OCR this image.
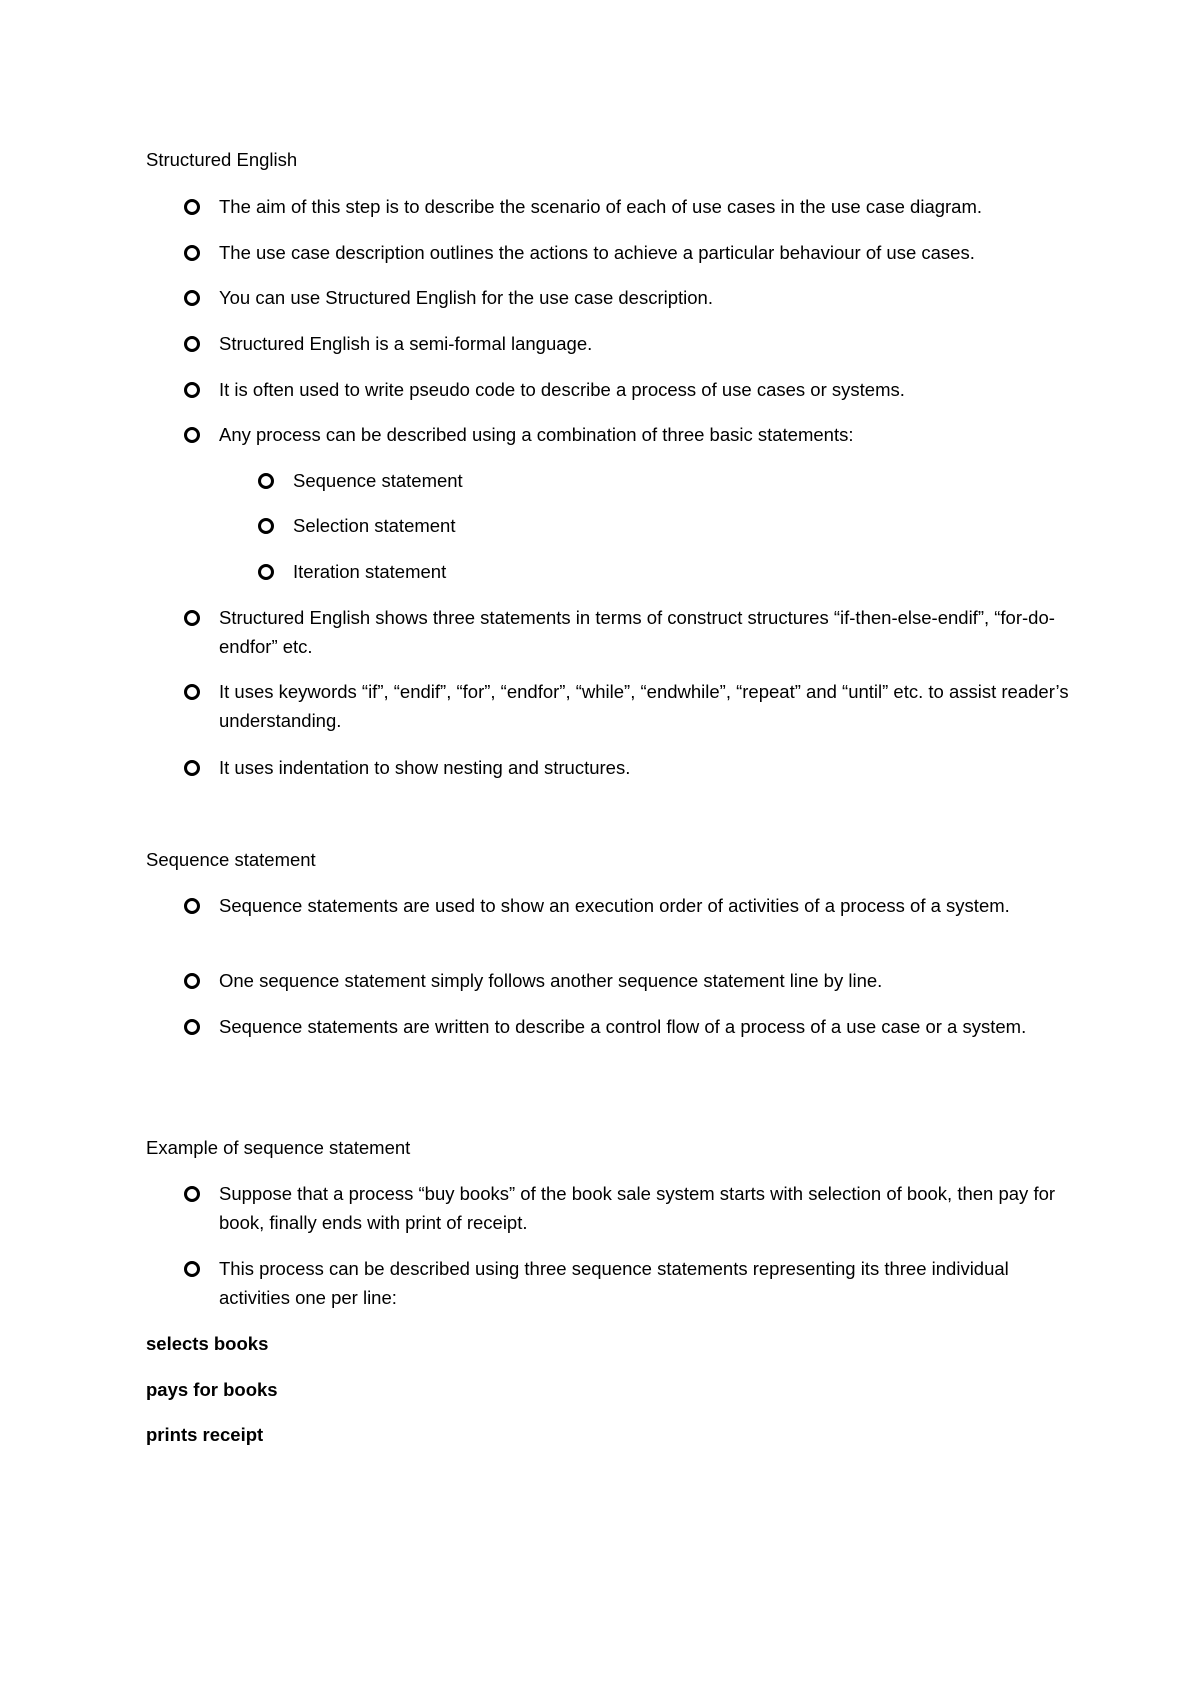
Structured English
The aim of this step is to describe the scenario of each of use cases in the use case diagram.
The use case description outlines the actions to achieve a particular behaviour of use cases.
You can use Structured English for the use case description.
Structured English is a semi-formal language.
It is often used to write pseudo code to describe a process of use cases or systems.
Any process can be described using a combination of three basic statements:
Sequence statement
Selection statement
Iteration statement
Structured English shows three statements in terms of construct structures “if-then-else-endif”, “for-do-endfor” etc.
It uses keywords “if”, “endif”, “for”, “endfor”, “while”, “endwhile”, “repeat” and “until” etc. to assist reader’s understanding.
It uses indentation to show nesting and structures.
Sequence statement
Sequence statements are used to show an execution order of activities of a process of a system.
One sequence statement simply follows another sequence statement line by line.
Sequence statements are written to describe a control flow of a process of a use case or a system.
Example of sequence statement
Suppose that a process “buy books” of the book sale system starts with selection of book, then pay for book, finally ends with print of receipt.
This process can be described using three sequence statements representing its three individual activities one per line:
selects books
pays for books
prints receipt
